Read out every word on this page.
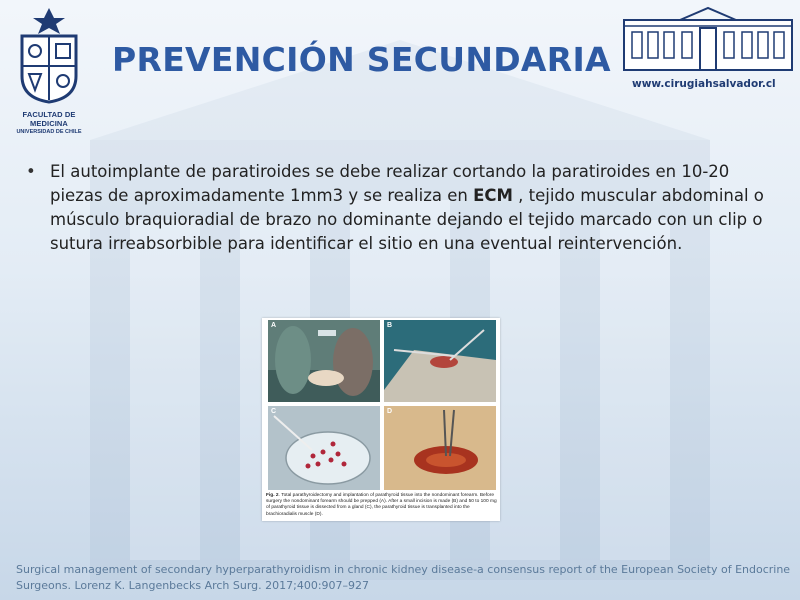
FACULTAD DE MEDICINA
UNIVERSIDAD DE CHILE
PREVENCIÓN SECUNDARIA
www.cirugiahsalvador.cl
• El autoimplante de paratiroides se debe realizar cortando la paratiroides en 10-20 piezas de aproximadamente 1mm3 y se realiza en ECM , tejido muscular abdominal o músculo braquioradial de brazo no dominante dejando el tejido marcado con un clip o sutura irreabsorbible para identificar el sitio en una eventual reintervención.
A	B
C	D
Fig. 2. Total parathyroidectomy and implantation of parathyroid tissue into the nondominant forearm. Before surgery the nondominant forearm should be prepped (A). After a small incision is made (B) and 50 to 100 mg of parathyroid tissue is dissected from a gland (C), the parathyroid tissue is transplanted into the brachioradialis muscle (D).
Surgical management of secondary hyperparathyroidism in chronic kidney disease-a consensus report of the European Society of Endocrine Surgeons. Lorenz K. Langenbecks Arch Surg. 2017;400:907–927
